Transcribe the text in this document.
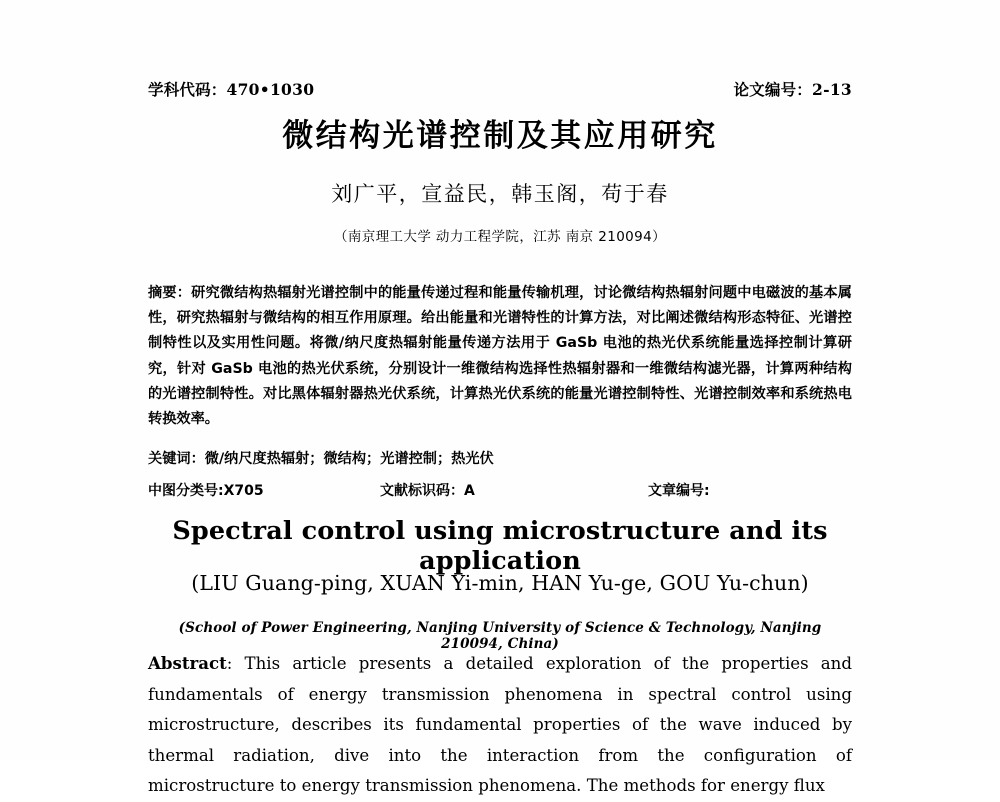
学科代码：470•1030	论文编号：2-13
微结构光谱控制及其应用研究
刘广平，宣益民，韩玉阁，苟于春
（南京理工大学 动力工程学院，江苏 南京 210094）

摘要：研究微结构热辐射光谱控制中的能量传递过程和能量传输机理，讨论微结构热辐射问题中电磁波的基本属性，研究热辐射与微结构的相互作用原理。给出能量和光谱特性的计算方法，对比阐述微结构形态特征、光谱控制特性以及实用性问题。将微/纳尺度热辐射能量传递方法用于 GaSb 电池的热光伏系统能量选择控制计算研究，针对 GaSb 电池的热光伏系统，分别设计一维微结构选择性热辐射器和一维微结构滤光器，计算两种结构的光谱控制特性。对比黑体辐射器热光伏系统，计算热光伏系统的能量光谱控制特性、光谱控制效率和系统热电转换效率。

关键词：微/纳尺度热辐射；微结构；光谱控制；热光伏
中图分类号:X705	文献标识码：A	文章编号:
Spectral control using microstructure and its application
(LIU Guang-ping, XUAN Yi-min, HAN Yu-ge, GOU Yu-chun)
(School of Power Engineering, Nanjing University of Science & Technology, Nanjing 210094, China)

Abstract: This article presents a detailed exploration of the properties and fundamentals of energy transmission phenomena in spectral control using microstructure, describes its fundamental properties of the wave induced by thermal radiation, dive into the interaction from the configuration of microstructure to energy transmission phenomena. The methods for energy flux
